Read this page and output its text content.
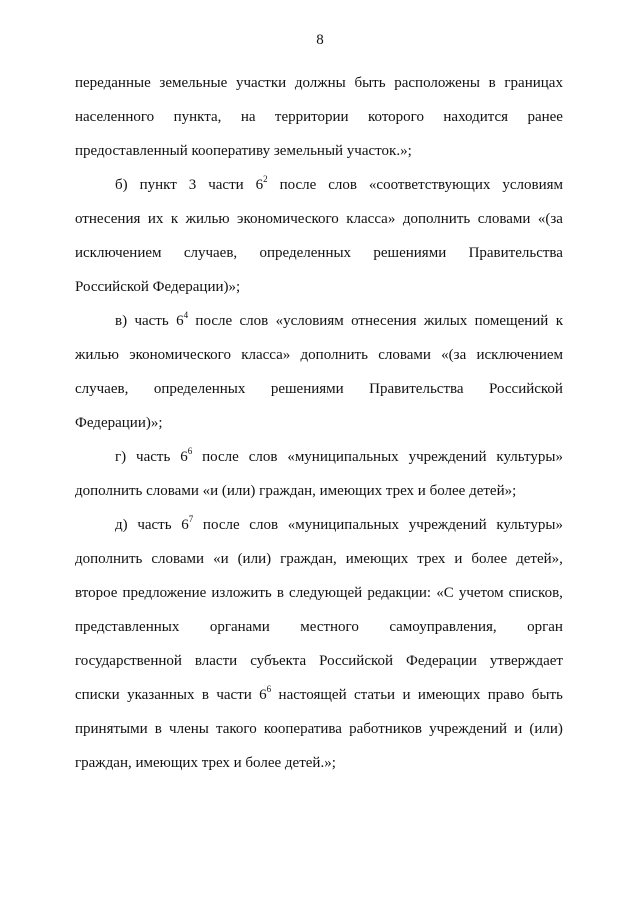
8
переданные земельные участки должны быть расположены в границах
населенного пункта, на территории которого находится ранее
предоставленный кооперативу земельный участок.»;
б) пункт 3 части $6^2$ после слов «соответствующих условиям
отнесения их к жилью экономического класса» дополнить словами «(за
исключением случаев, определенных решениями Правительства
Российской Федерации)»;
в) часть $6^4$ после слов «условиям отнесения жилых помещений к
жилью экономического класса» дополнить словами «(за исключением
случаев, определенных решениями Правительства Российской
Федерации)»;
г) часть $6^6$ после слов «муниципальных учреждений культуры»
дополнить словами «и (или) граждан, имеющих трех и более детей»;
д) часть $6^7$ после слов «муниципальных учреждений культуры»
дополнить словами «и (или) граждан, имеющих трех и более детей»,
второе предложение изложить в следующей редакции: «С учетом списков,
представленных органами местного самоуправления, орган
государственной власти субъекта Российской Федерации утверждает
списки указанных в части $6^6$ настоящей статьи и имеющих право быть
принятыми в члены такого кооператива работников учреждений и (или)
граждан, имеющих трех и более детей.»;
